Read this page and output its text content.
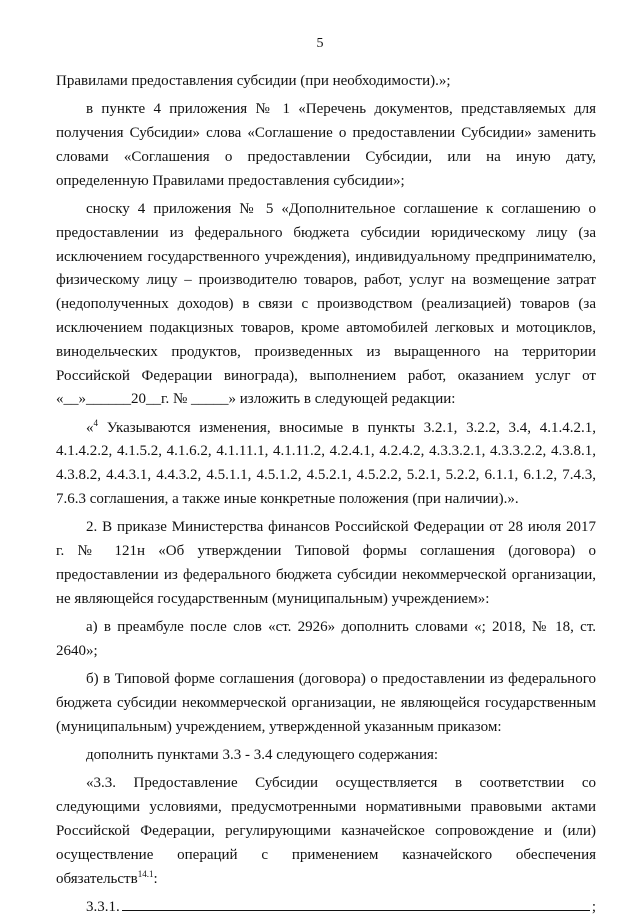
5

Правилами предоставления субсидии (при необходимости).»;

в пункте 4 приложения № 1 «Перечень документов, представляемых для получения Субсидии» слова «Соглашение о предоставлении Субсидии» заменить словами «Соглашения о предоставлении Субсидии, или на иную дату, определенную Правилами предоставления субсидии»;

сноску 4 приложения № 5 «Дополнительное соглашение к соглашению о предоставлении из федерального бюджета субсидии юридическому лицу (за исключением государственного учреждения), индивидуальному предпринимателю, физическому лицу – производителю товаров, работ, услуг на возмещение затрат (недополученных доходов) в связи с производством (реализацией) товаров (за исключением подакцизных товаров, кроме автомобилей легковых и мотоциклов, винодельческих продуктов, произведенных из выращенного на территории Российской Федерации винограда), выполнением работ, оказанием услуг от «__»______20__г. № _____» изложить в следующей редакции:

«$^4$ Указываются изменения, вносимые в пункты 3.2.1, 3.2.2, 3.4, 4.1.4.2.1, 4.1.4.2.2, 4.1.5.2, 4.1.6.2, 4.1.11.1, 4.1.11.2, 4.2.4.1, 4.2.4.2, 4.3.3.2.1, 4.3.3.2.2, 4.3.8.1, 4.3.8.2, 4.4.3.1, 4.4.3.2, 4.5.1.1, 4.5.1.2, 4.5.2.1, 4.5.2.2, 5.2.1, 5.2.2, 6.1.1, 6.1.2, 7.4.3, 7.6.3 соглашения, а также иные конкретные положения (при наличии).».

2. В приказе Министерства финансов Российской Федерации от 28 июля 2017 г. № 121н «Об утверждении Типовой формы соглашения (договора) о предоставлении из федерального бюджета субсидии некоммерческой организации, не являющейся государственным (муниципальным) учреждением»:

а) в преамбуле после слов «ст. 2926» дополнить словами «; 2018, № 18, ст. 2640»;

б) в Типовой форме соглашения (договора) о предоставлении из федерального бюджета субсидии некоммерческой организации, не являющейся государственным (муниципальным) учреждением, утвержденной указанным приказом:

дополнить пунктами 3.3 - 3.4 следующего содержания:

«3.3. Предоставление Субсидии осуществляется в соответствии со следующими условиями, предусмотренными нормативными правовыми актами Российской Федерации, регулирующими казначейское сопровождение и (или) осуществление операций с применением казначейского обеспечения обязательств$^{14.1}$:

3.3.1.	;
